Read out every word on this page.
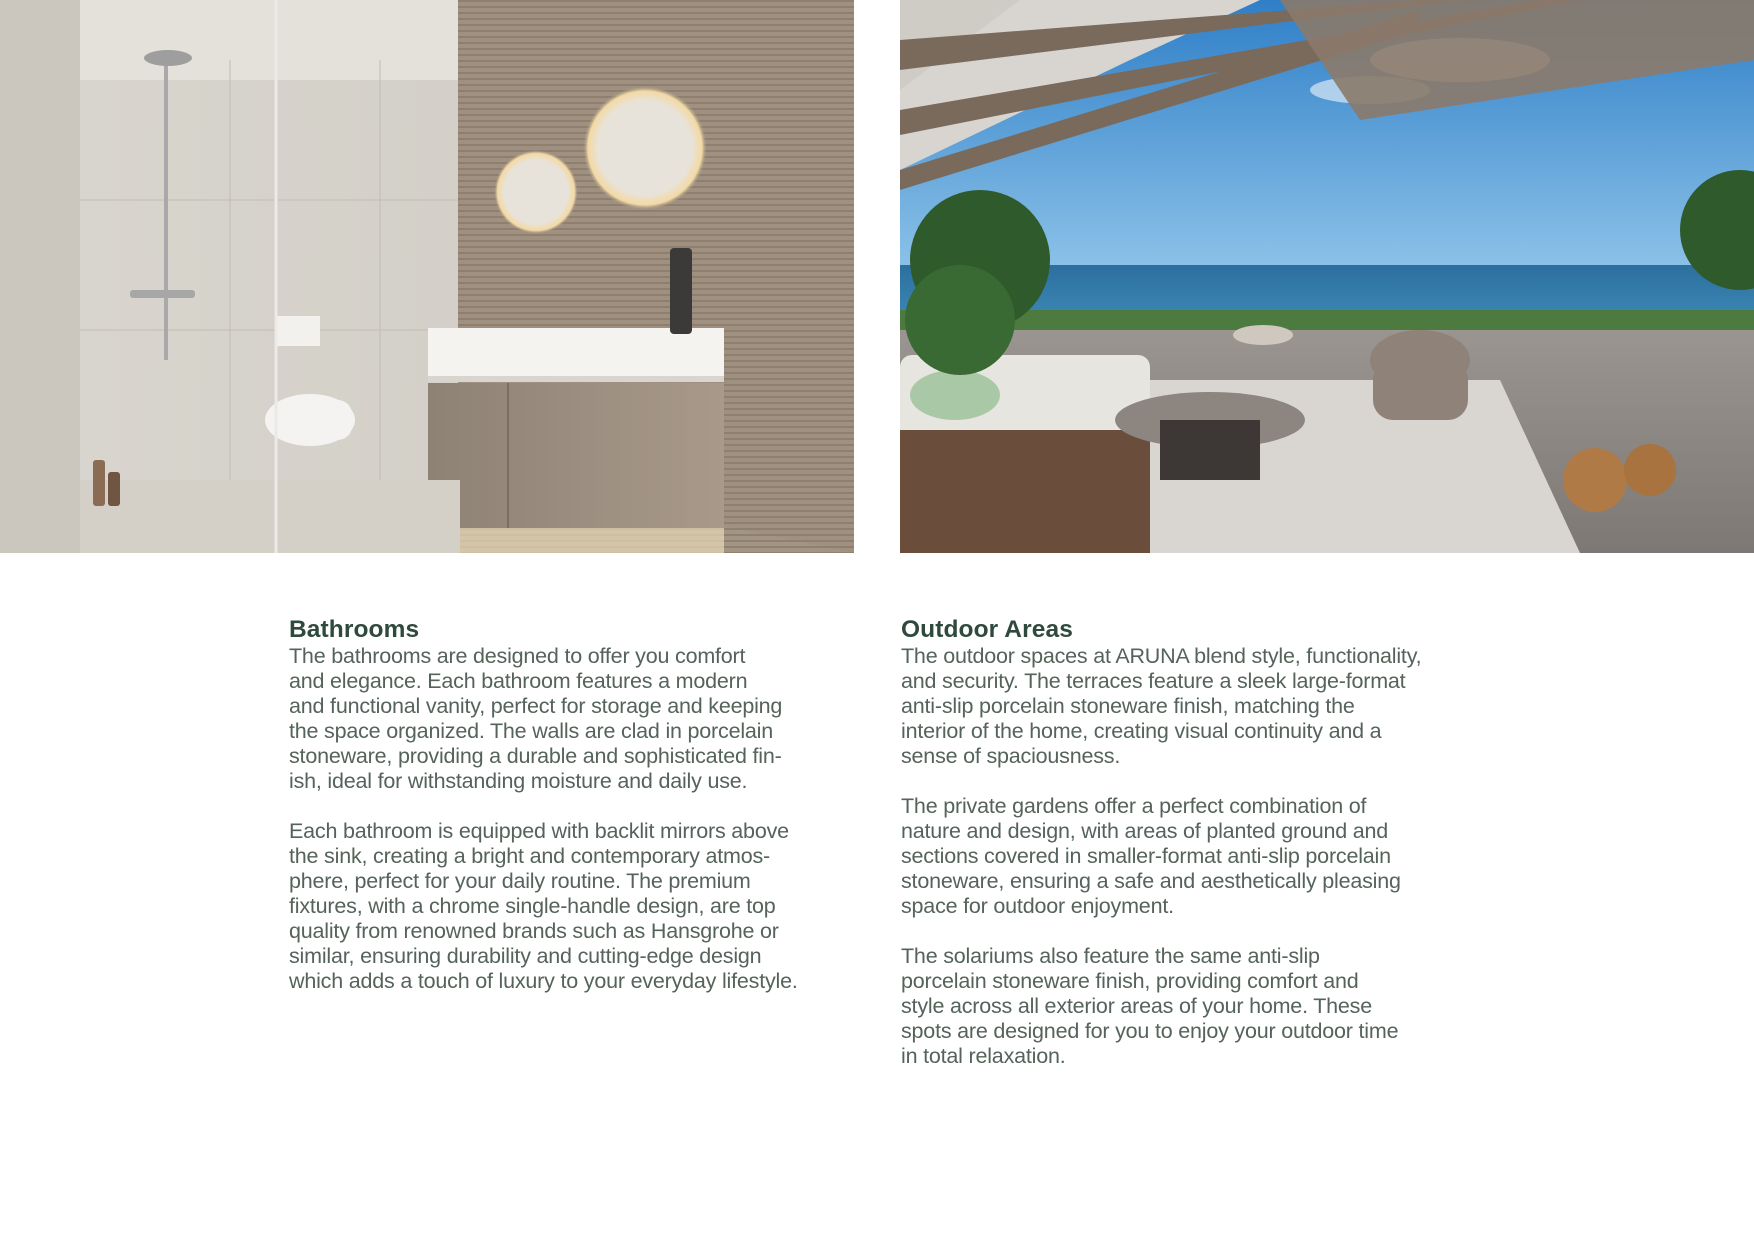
Bathrooms

The bathrooms are designed to offer you comfort
and elegance. Each bathroom features a modern
and functional vanity, perfect for storage and keeping
the space organized. The walls are clad in porcelain
stoneware, providing a durable and sophisticated fin-
ish, ideal for withstanding moisture and daily use.

Each bathroom is equipped with backlit mirrors above
the sink, creating a bright and contemporary atmos-
phere, perfect for your daily routine. The premium
fixtures, with a chrome single-handle design, are top
quality from renowned brands such as Hansgrohe or
similar, ensuring durability and cutting-edge design
which adds a touch of luxury to your everyday lifestyle.

Outdoor Areas

The outdoor spaces at ARUNA blend style, functionality,
and security. The terraces feature a sleek large-format
anti-slip porcelain stoneware finish, matching the
interior of the home, creating visual continuity and a
sense of spaciousness.

The private gardens offer a perfect combination of
nature and design, with areas of planted ground and
sections covered in smaller-format anti-slip porcelain
stoneware, ensuring a safe and aesthetically pleasing
space for outdoor enjoyment.

The solariums also feature the same anti-slip
porcelain stoneware finish, providing comfort and
style across all exterior areas of your home. These
spots are designed for you to enjoy your outdoor time
in total relaxation.
